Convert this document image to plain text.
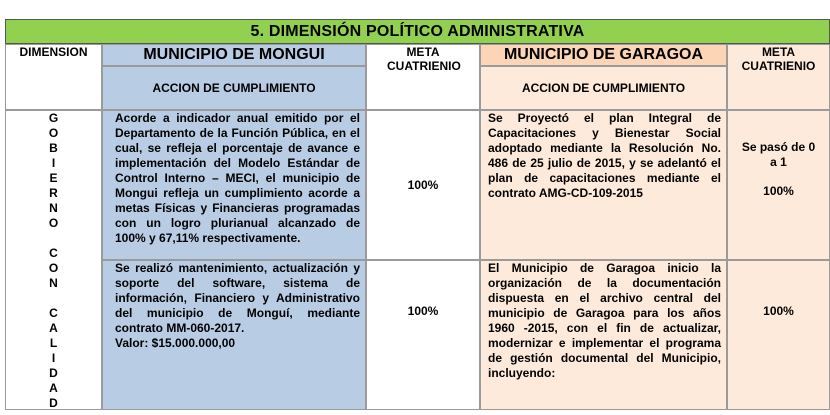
5. DIMENSIÓN POLÍTICO ADMINISTRATIVA
DIMENSION	MUNICIPIO DE MONGUI
ACCION DE CUMPLIMIENTO
META CUATRIENIO
MUNICIPIO DE GARAGOA
ACCION DE CUMPLIMIENTO
META CUATRIENIO
G
O
B
I
E
R
N
O
C
O
N
C
A
L
I
D
A
D

Acorde a indicador anual emitido por el Departamento de la Función Pública, en el cual, se refleja el porcentaje de avance e implementación del Modelo Estándar de Control Interno – MECI, el municipio de Mongui refleja un cumplimiento acorde a metas Físicas y Financieras programadas con un logro plurianual alcanzado de 100% y 67,11% respectivamente.

100%

Se Proyectó el plan Integral de Capacitaciones y Bienestar Social adoptado mediante la Resolución No. 486 de 25 julio de 2015, y se adelantó el plan de capacitaciones mediante el contrato AMG-CD-109-2015

Se pasó de 0
a 1
100%

Se realizó mantenimiento, actualización y soporte del software, sistema de información, Financiero y Administrativo del municipio de Monguí, mediante contrato MM-060-2017.

Valor: $15.000.000,00

100%

El Municipio de Garagoa inicio la organización de la documentación dispuesta en el archivo central del municipio de Garagoa para los años 1960 -2015, con el fin de actualizar, modernizar e implementar el programa de gestión documental del Municipio, incluyendo:

100%
